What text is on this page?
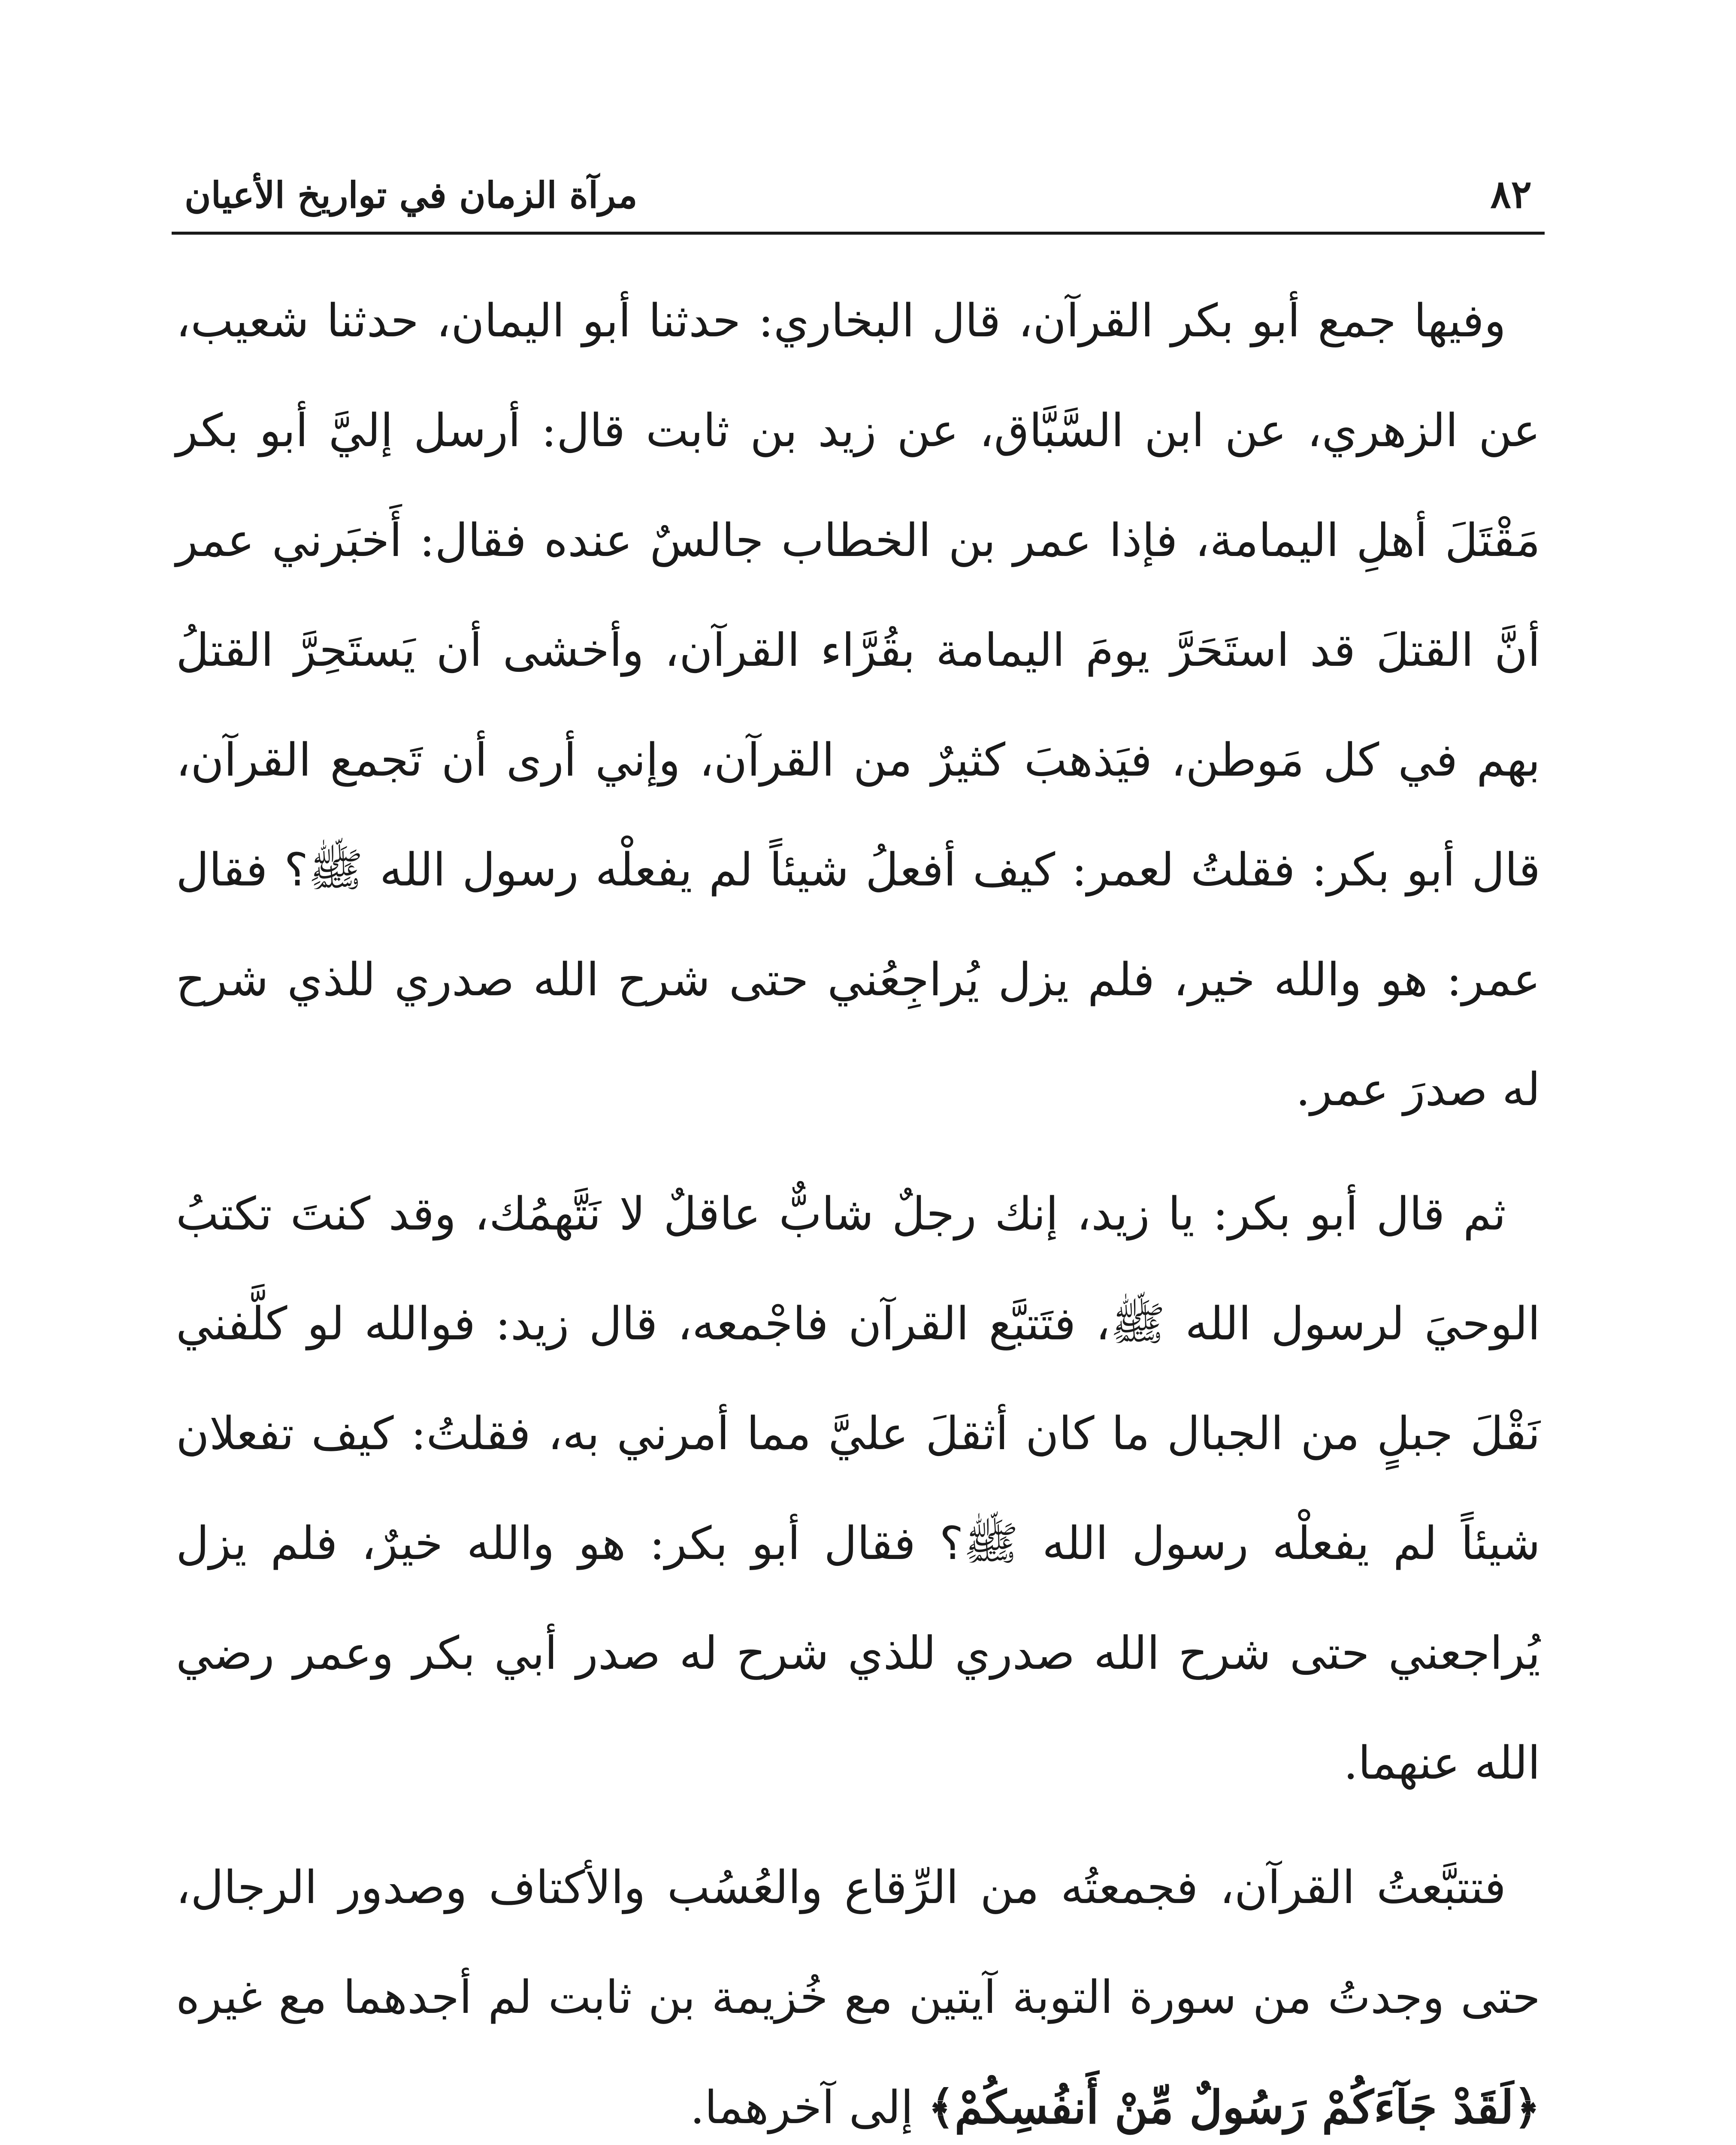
٨٢
مرآة الزمان في تواريخ الأعيان

وفيها جمع أبو بكر القرآن، قال البخاري: حدثنا أبو اليمان، حدثنا شعيب، عن الزهري، عن ابن السَّبَّاق، عن زيد بن ثابت قال: أرسل إليَّ أبو بكر مَقْتَلَ أهلِ اليمامة، فإذا عمر بن الخطاب جالسٌ عنده فقال: أَخبَرني عمر أنَّ القتلَ قد استَحَرَّ يومَ اليمامة بقُرَّاء القرآن، وأخشى أن يَستَحِرَّ القتلُ بهم في كل مَوطن، فيَذهبَ كثيرٌ من القرآن، وإني أرى أن تَجمع القرآن، قال أبو بكر: فقلتُ لعمر: كيف أفعلُ شيئاً لم يفعلْه رسول الله ﷺ؟ فقال عمر: هو والله خير، فلم يزل يُراجِعُني حتى شرح الله صدري للذي شرح له صدرَ عمر.

ثم قال أبو بكر: يا زيد، إنك رجلٌ شابٌّ عاقلٌ لا نَتَّهمُك، وقد كنتَ تكتبُ الوحيَ لرسول الله ﷺ، فتَتبَّع القرآن فاجْمعه، قال زيد: فوالله لو كلَّفني نَقْلَ جبلٍ من الجبال ما كان أثقلَ عليَّ مما أمرني به، فقلتُ: كيف تفعلان شيئاً لم يفعلْه رسول الله ﷺ؟ فقال أبو بكر: هو والله خيرٌ، فلم يزل يُراجعني حتى شرح الله صدري للذي شرح له صدر أبي بكر وعمر رضي الله عنهما.

فتتبَّعتُ القرآن، فجمعتُه من الرِّقاع والعُسُب والأكتاف وصدور الرجال، حتى وجدتُ من سورة التوبة آيتين مع خُزيمة بن ثابت لم أجدهما مع غيره ﴿لَقَدْ جَآءَكُمْ رَسُولٌ مِّنْ أَنفُسِكُمْ﴾ إلى آخرهما.
